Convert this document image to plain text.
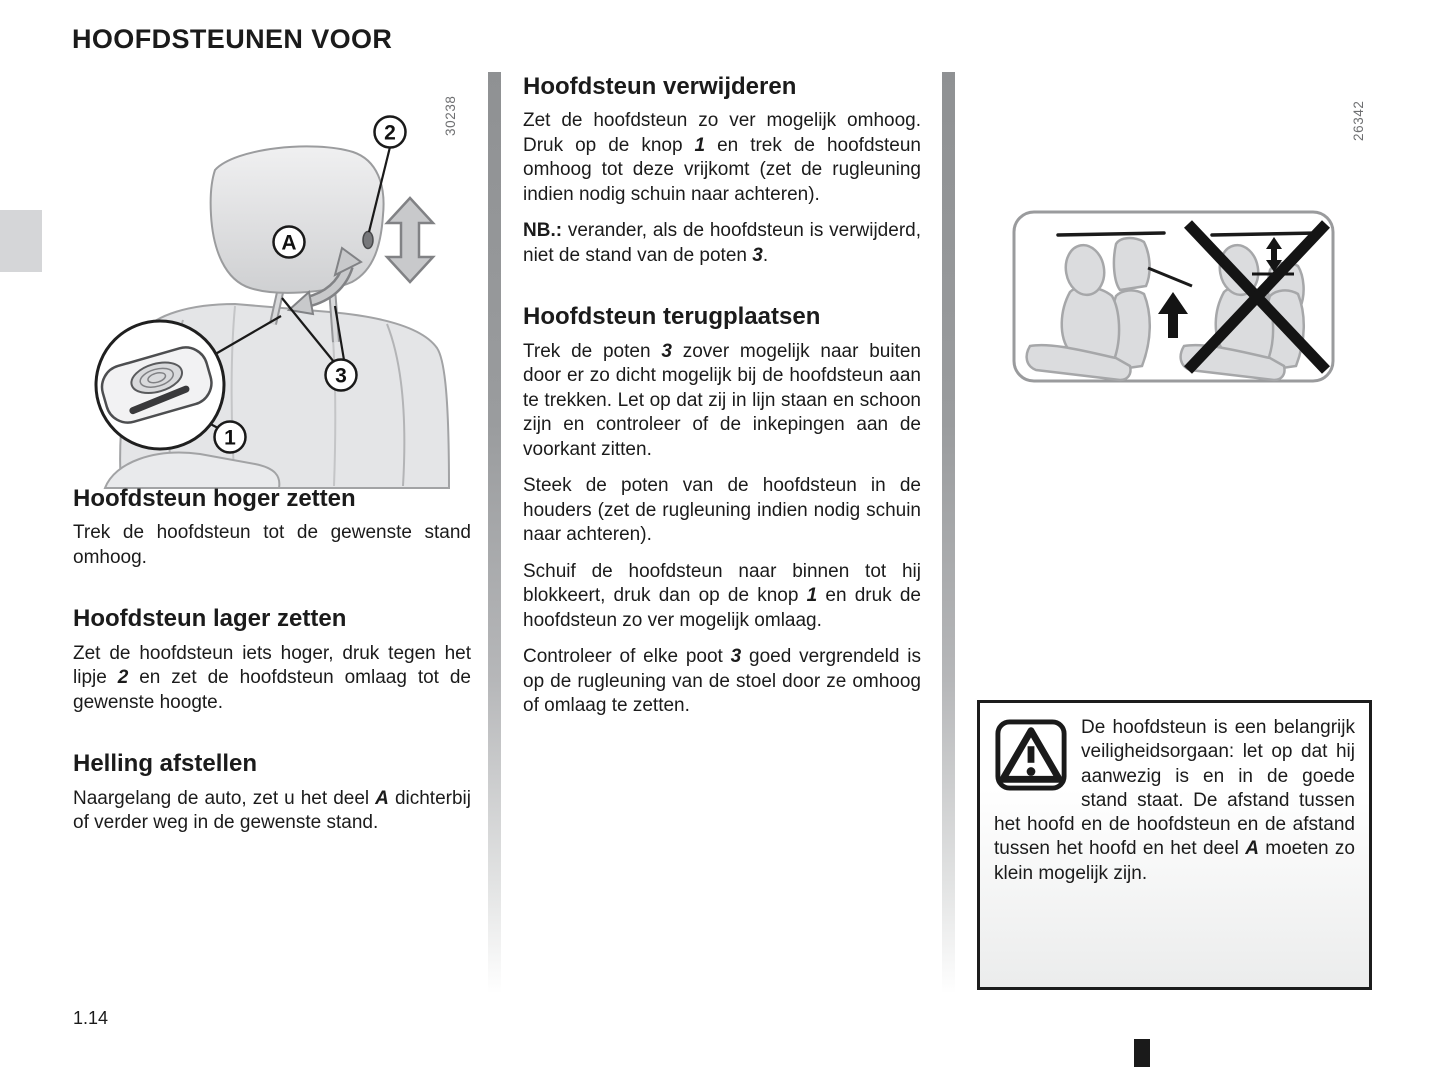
HOOFDSTEUNEN VOOR
30238	26342
2
A
3
1
Hoofdsteun hoger zetten

Trek de hoofdsteun tot de gewenste stand omhoog.

Hoofdsteun lager zetten

Zet de hoofdsteun iets hoger, druk tegen het lipje 2 en zet de hoofdsteun omlaag tot de gewenste hoogte.

Helling afstellen

Naargelang de auto, zet u het deel A dichterbij of verder weg in de gewenste stand.

Hoofdsteun verwijderen

Zet de hoofdsteun zo ver mogelijk omhoog. Druk op de knop 1 en trek de hoofdsteun omhoog tot deze vrijkomt (zet de rugleuning indien nodig schuin naar achteren).

NB.: verander, als de hoofdsteun is verwijderd, niet de stand van de poten 3.

Hoofdsteun terugplaatsen

Trek de poten 3 zover mogelijk naar buiten door er zo dicht mogelijk bij de hoofdsteun aan te trekken. Let op dat zij in lijn staan en schoon zijn en controleer of de inkepingen aan de voorkant zitten.

Steek de poten van de hoofdsteun in de houders (zet de rugleuning indien nodig schuin naar achteren).

Schuif de hoofdsteun naar binnen tot hij blokkeert, druk dan op de knop 1 en druk de hoofdsteun zo ver mogelijk omlaag.

Controleer of elke poot 3 goed vergrendeld is op de rugleuning van de stoel door ze omhoog of omlaag te zetten.

De hoofdsteun is een belangrijk veiligheidsorgaan: let op dat hij aanwezig is en in de goede stand staat. De afstand tussen het hoofd en de hoofdsteun en de afstand tussen het hoofd en het deel A moeten zo klein mogelijk zijn.

1.14
